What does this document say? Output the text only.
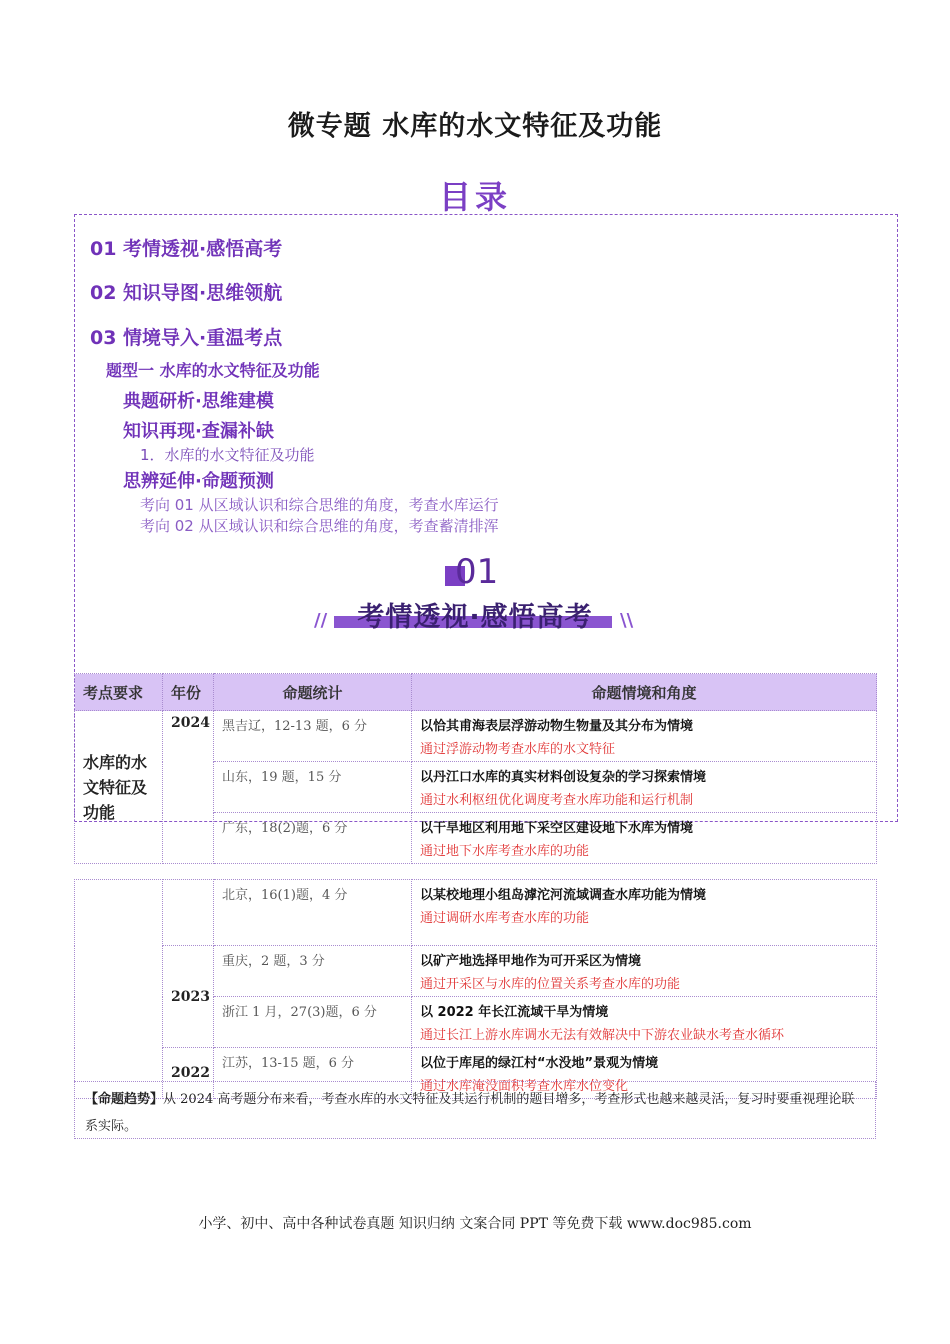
微专题 水库的水文特征及功能
目录
01 考情透视·感悟高考
02 知识导图·思维领航
03 情境导入·重温考点
题型一 水库的水文特征及功能
典题研析·思维建模
知识再现·查漏补缺
1．水库的水文特征及功能
思辨延伸·命题预测
考向 01 从区域认识和综合思维的角度，考查水库运行
考向 02 从区域认识和综合思维的角度，考查蓄清排浑
01
考情透视·感悟高考
//	\\
考点要求	年份	命题统计	命题情境和角度
水库的水文特征及功能	2024	黑吉辽，12-13 题，6 分	以恰其甫海表层浮游动物生物量及其分布为情境
通过浮游动物考查水库的水文特征

		山东，19 题，15 分	以丹江口水库的真实材料创设复杂的学习探索情境
通过水利枢纽优化调度考查水库功能和运行机制

		广东，18(2)题，6 分	以干旱地区利用地下采空区建设地下水库为情境
通过地下水库考查水库的功能
		北京，16(1)题，4 分	以某校地理小组岛滹沱河流域调查水库功能为情境
通过调研水库考查水库的功能

	2023	重庆，2 题，3 分	以矿产地选择甲地作为可开采区为情境
通过开采区与水库的位置关系考查水库的功能

		浙江 1 月，27(3)题，6 分	以 2022 年长江流域干旱为情境
通过长江上游水库调水无法有效解决中下游农业缺水考查水循环

	2022	江苏，13-15 题，6 分	以位于库尾的绿江村“水没地”景观为情境
通过水库淹没面积考查水库水位变化
【命题趋势】从 2024 高考题分布来看，考查水库的水文特征及其运行机制的题目增多，考查形式也越来越灵活，复习时要重视理论联系实际。
小学、初中、高中各种试卷真题 知识归纳 文案合同 PPT 等免费下载 www.doc985.com
